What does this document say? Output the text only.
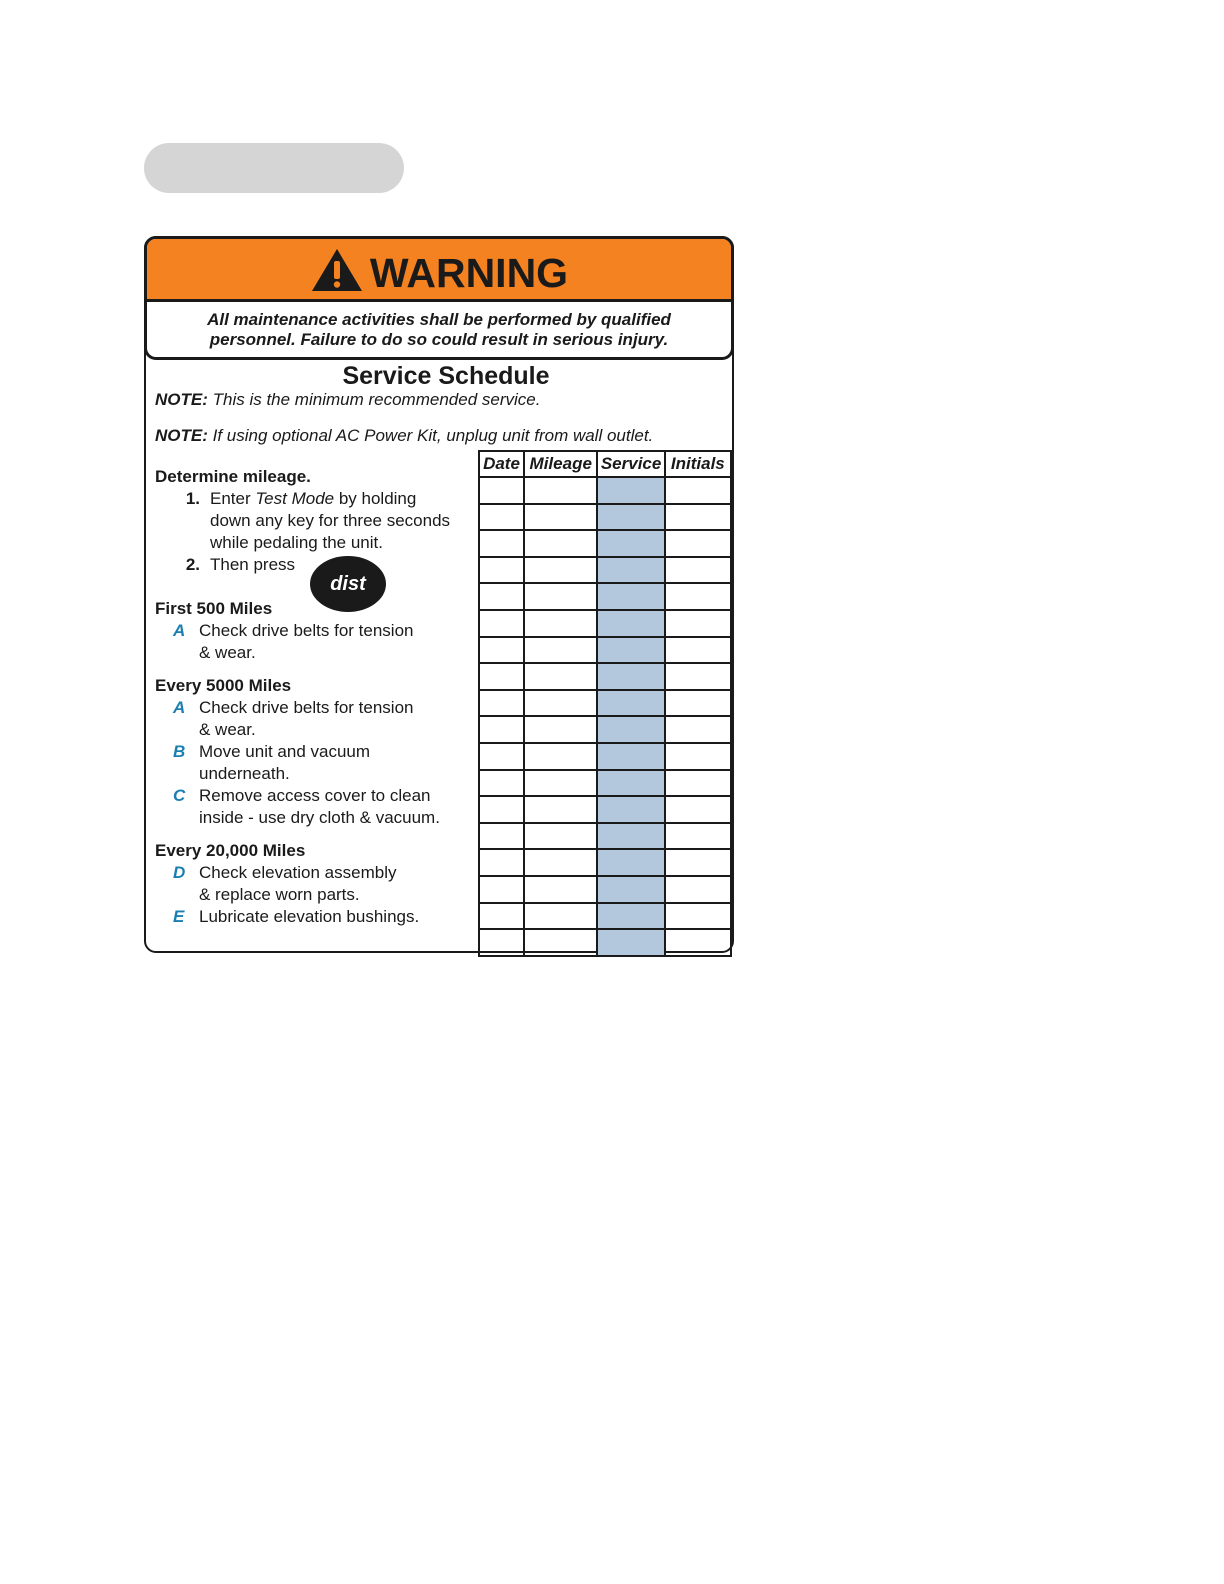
WARNING
All maintenance activities shall be performed by qualified
personnel. Failure to do so could result in serious injury.
Service Schedule
NOTE: This is the minimum recommended service.
NOTE: If using optional AC Power Kit, unplug unit from wall outlet.
Determine mileage.
1. Enter Test Mode by holding
down any key for three seconds
while pedaling the unit.
2. Then press
First 500 Miles
A Check drive belts for tension
& wear.
Every 5000 Miles
A Check drive belts for tension
& wear.
B Move unit and vacuum
underneath.
C Remove access cover to clean
inside - use dry cloth & vacuum.
Every 20,000 Miles
D Check elevation assembly
& replace worn parts.
E Lubricate elevation bushings.
dist
Date	Mileage	Service	Initials
